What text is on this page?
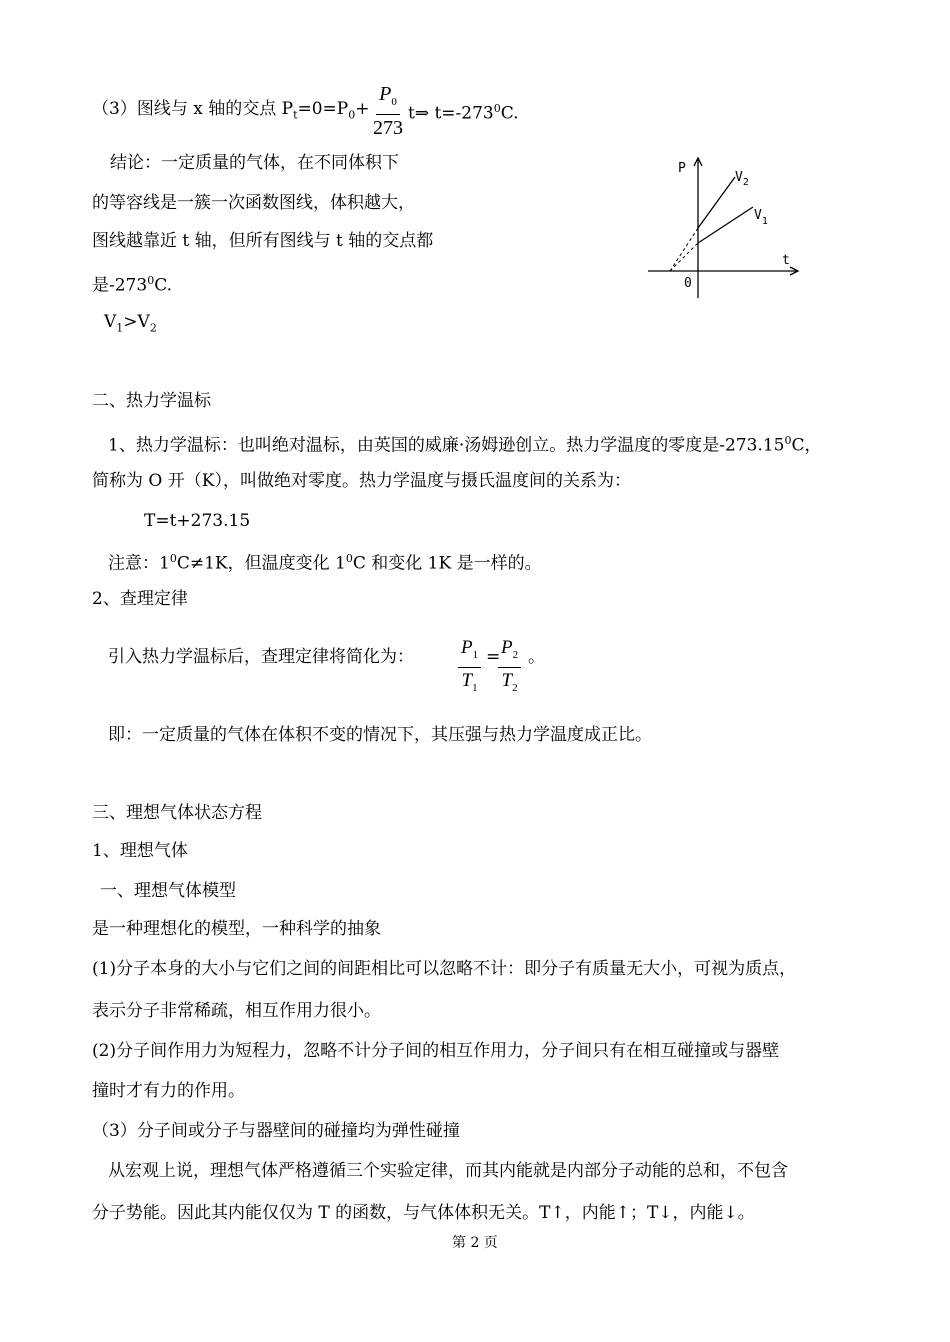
（3）图线与 x 轴的交点 $P_t=0=P_0+ \frac{P_0}{273}$ t⇒ $t=-273^0C$.
结论：一定质量的气体，在不同体积下
的等容线是一簇一次函数图线，体积越大，
图线越靠近 t 轴，但所有图线与 t 轴的交点都
是$-273^0C$.
$V_1>V_2$
P
t
0
$V_2$
$V_1$
二、热力学温标
1、热力学温标：也叫绝对温标，由英国的威廉·汤姆逊创立。热力学温度的零度是-273.15$^0$C，
简称为 O 开（K），叫做绝对零度。热力学温度与摄氏温度间的关系为：
T=t+273.15
注意：$1^0C\ne 1K$，但温度变化 $1^0C$ 和变化 1K 是一样的。
2、查理定律
引入热力学温标后，查理定律将简化为： $\frac{P_1}{T_1}$ =
$\frac{P_2}{T_2}$ 。
即：一定质量的气体在体积不变的情况下，其压强与热力学温度成正比。
三、理想气体状态方程
1、理想气体
一、理想气体模型
是一种理想化的模型，一种科学的抽象
(1)分子本身的大小与它们之间的间距相比可以忽略不计：即分子有质量无大小，可视为质点，
表示分子非常稀疏，相互作用力很小。
(2)分子间作用力为短程力，忽略不计分子间的相互作用力，分子间只有在相互碰撞或与器壁
撞时才有力的作用。
（3）分子间或分子与器壁间的碰撞均为弹性碰撞
从宏观上说，理想气体严格遵循三个实验定律，而其内能就是内部分子动能的总和，不包含
分子势能。因此其内能仅仅为 T 的函数，与气体体积无关。T↑，内能↑；T↓，内能↓。
第 2 页
